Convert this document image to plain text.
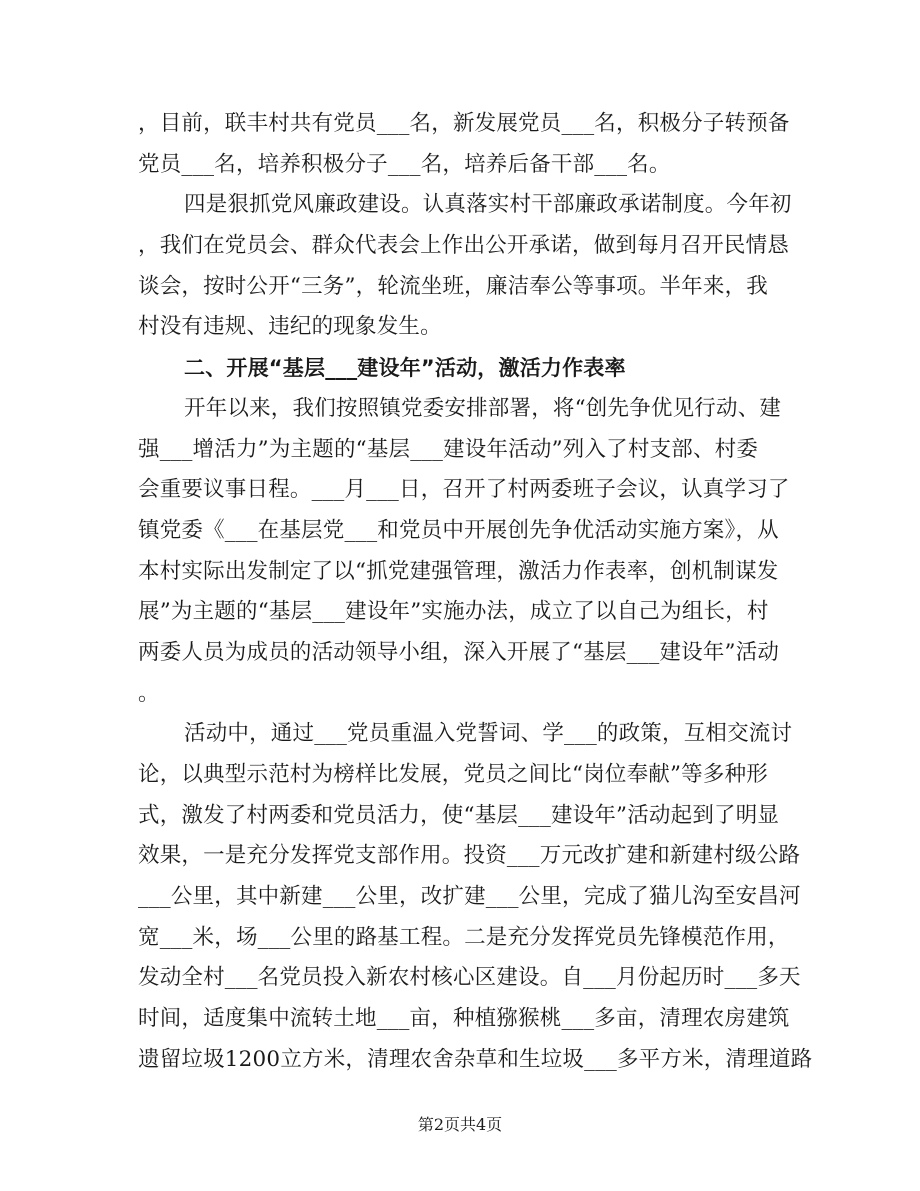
，目前，联丰村共有党员___名，新发展党员___名，积极分子转预备
党员___名，培养积极分子___名，培养后备干部___名。
四是狠抓党风廉政建设。认真落实村干部廉政承诺制度。今年初
，我们在党员会、群众代表会上作出公开承诺，做到每月召开民情恳
谈会，按时公开“三务”，轮流坐班，廉洁奉公等事项。半年来，我
村没有违规、违纪的现象发生。
二、开展“基层___建设年”活动，激活力作表率
开年以来，我们按照镇党委安排部署，将“创先争优见行动、建
强___增活力”为主题的“基层___建设年活动”列入了村支部、村委
会重要议事日程。___月___日，召开了村两委班子会议，认真学习了
镇党委《___在基层党___和党员中开展创先争优活动实施方案》，从
本村实际出发制定了以“抓党建强管理，激活力作表率，创机制谋发
展”为主题的“基层___建设年”实施办法，成立了以自己为组长，村
两委人员为成员的活动领导小组，深入开展了“基层___建设年”活动
。
活动中，通过___党员重温入党誓词、学___的政策，互相交流讨
论，以典型示范村为榜样比发展，党员之间比“岗位奉献”等多种形
式，激发了村两委和党员活力，使“基层___建设年”活动起到了明显
效果，一是充分发挥党支部作用。投资___万元改扩建和新建村级公路
___公里，其中新建___公里，改扩建___公里，完成了猫儿沟至安昌河
宽___米，场___公里的路基工程。二是充分发挥党员先锋模范作用，
发动全村___名党员投入新农村核心区建设。自___月份起历时___多天
时间，适度集中流转土地___亩，种植猕猴桃___多亩，清理农房建筑
遗留垃圾1200立方米，清理农舍杂草和生垃圾___多平方米，清理道路
第2页共4页
